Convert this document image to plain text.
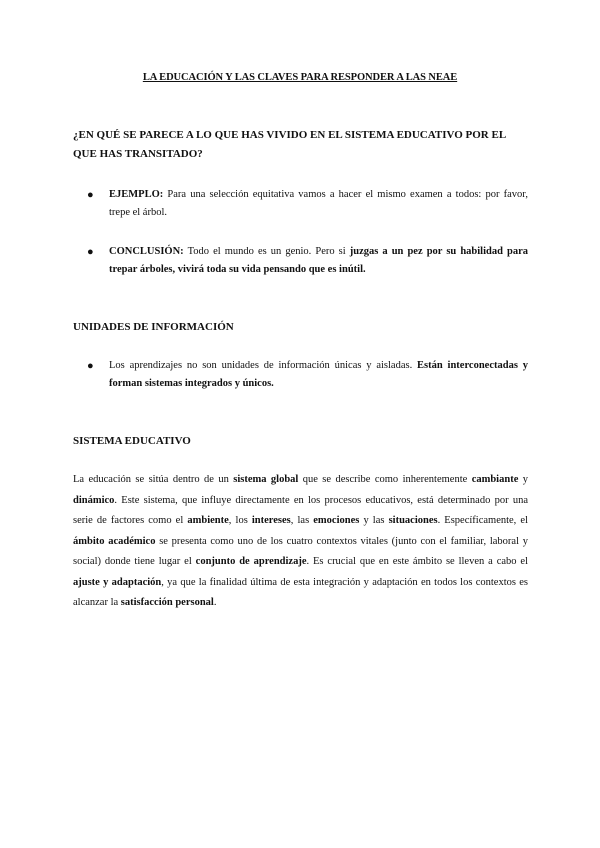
LA EDUCACIÓN Y LAS CLAVES PARA RESPONDER A LAS NEAE
¿EN QUÉ SE PARECE A LO QUE HAS VIVIDO EN EL SISTEMA EDUCATIVO POR EL QUE HAS TRANSITADO?
●	EJEMPLO: Para una selección equitativa vamos a hacer el mismo examen a todos: por favor, trepe el árbol.
●	CONCLUSIÓN: Todo el mundo es un genio. Pero si juzgas a un pez por su habilidad para trepar árboles, vivirá toda su vida pensando que es inútil.
UNIDADES DE INFORMACIÓN
●	Los aprendizajes no son unidades de información únicas y aisladas. Están interconectadas y forman sistemas integrados y únicos.
SISTEMA EDUCATIVO
La educación se sitúa dentro de un sistema global que se describe como inherentemente cambiante y dinámico. Este sistema, que influye directamente en los procesos educativos, está determinado por una serie de factores como el ambiente, los intereses, las emociones y las situaciones. Específicamente, el ámbito académico se presenta como uno de los cuatro contextos vitales (junto con el familiar, laboral y social) donde tiene lugar el conjunto de aprendizaje. Es crucial que en este ámbito se lleven a cabo el ajuste y adaptación, ya que la finalidad última de esta integración y adaptación en todos los contextos es alcanzar la satisfacción personal.
